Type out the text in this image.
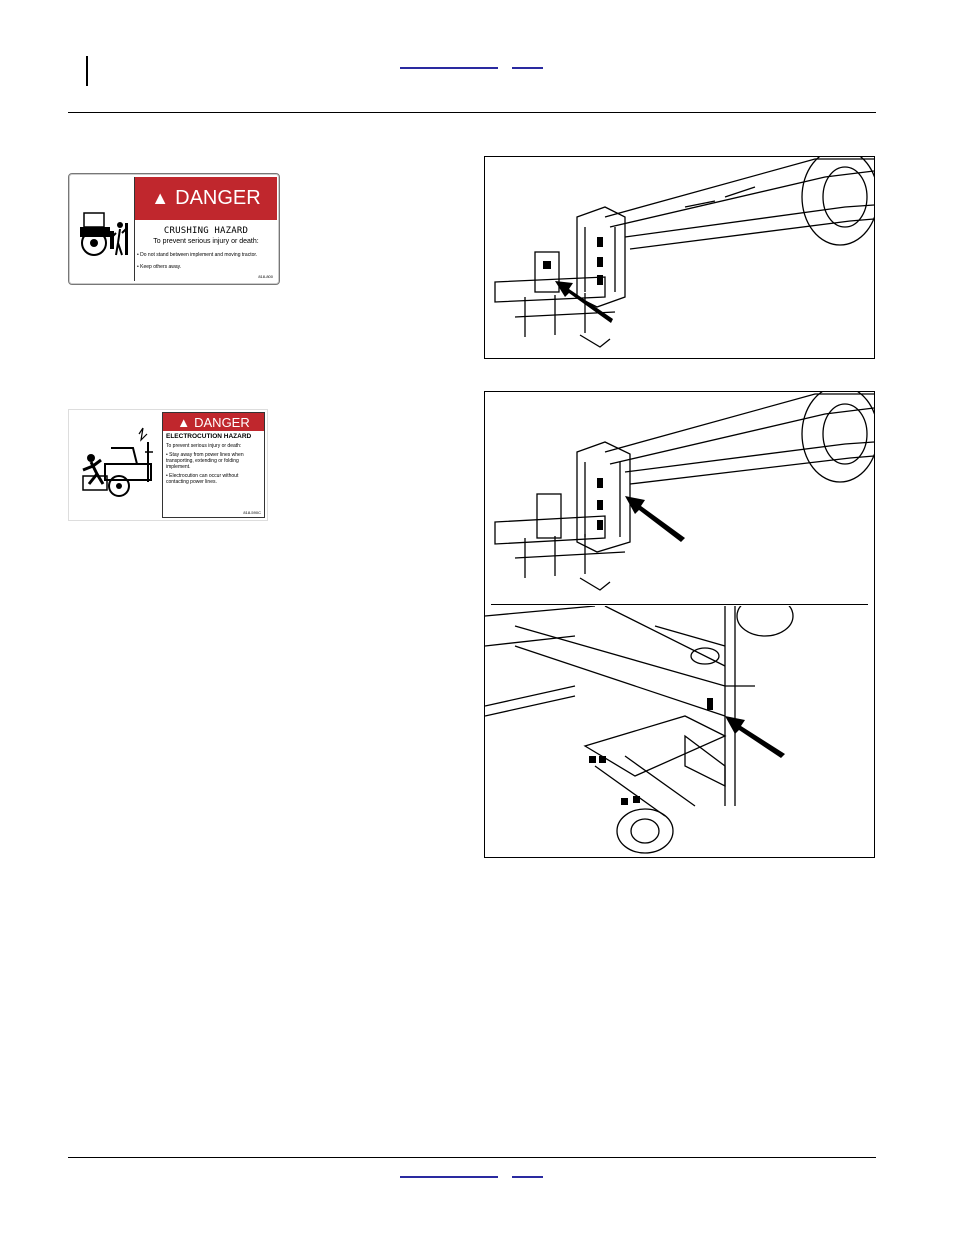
▲ DANGER
CRUSHING HAZARD
To prevent serious injury or death:
• Do not stand between implement and moving tractor.
• Keep others away.
818-800
▲ DANGER
ELECTROCUTION HAZARD
To prevent serious injury or death:
• Stay away from power lines when transporting, extending or folding implement.
• Electrocution can occur without contacting power lines.
818-590C
